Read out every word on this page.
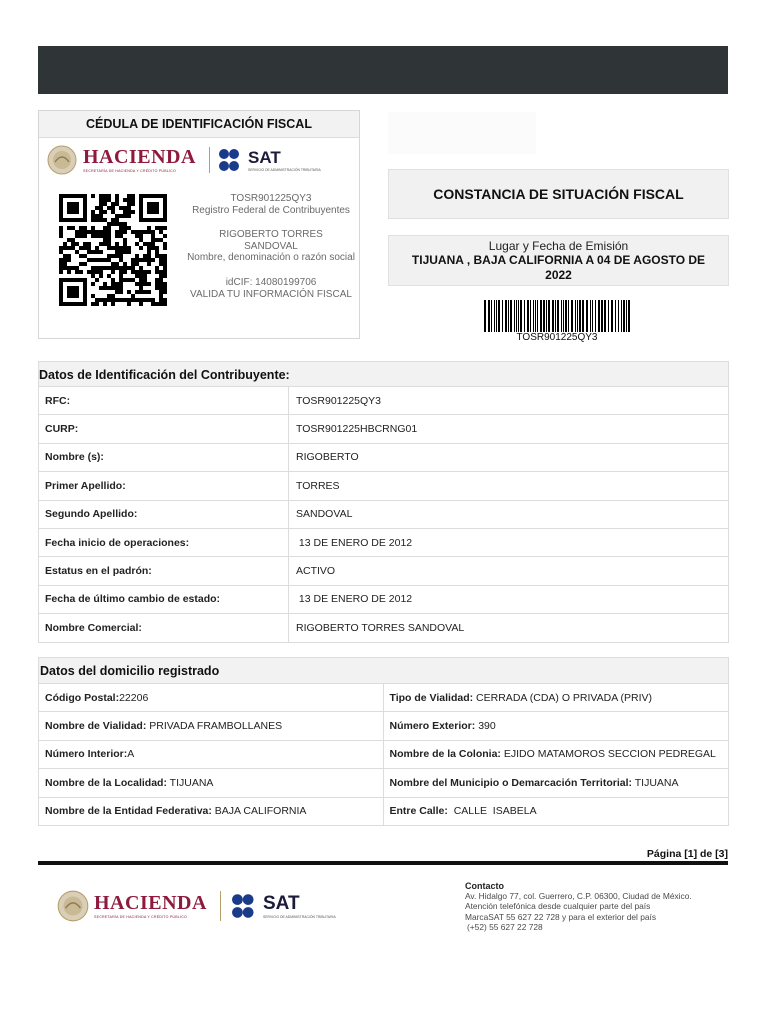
CÉDULA DE IDENTIFICACIÓN FISCAL
HACIENDA
SECRETARÍA DE HACIENDA Y CRÉDITO PÚBLICO
SAT
SERVICIO DE ADMINISTRACIÓN TRIBUTARIA
TOSR901225QY3
Registro Federal de Contribuyentes
RIGOBERTO TORRES
SANDOVAL
Nombre, denominación o razón social
idCIF: 14080199706
VALIDA TU INFORMACIÓN FISCAL
CONSTANCIA DE SITUACIÓN FISCAL
Lugar y Fecha de Emisión
TIJUANA , BAJA CALIFORNIA A 04 DE AGOSTO DE
2022
TOSR901225QY3
Datos de Identificación del Contribuyente:
RFC:	TOSR901225QY3
CURP:	TOSR901225HBCRNG01
Nombre (s):	RIGOBERTO
Primer Apellido:	TORRES
Segundo Apellido:	SANDOVAL
Fecha inicio de operaciones:	13 DE ENERO DE 2012
Estatus en el padrón:	ACTIVO
Fecha de último cambio de estado:	13 DE ENERO DE 2012
Nombre Comercial:	RIGOBERTO TORRES SANDOVAL
Datos del domicilio registrado
Código Postal: 22206	Tipo de Vialidad: CERRADA (CDA) O PRIVADA (PRIV)
Nombre de Vialidad: PRIVADA FRAMBOLLANES	Número Exterior: 390
Número Interior: A	Nombre de la Colonia: EJIDO MATAMOROS SECCION PEDREGAL
Nombre de la Localidad: TIJUANA	Nombre del Municipio o Demarcación Territorial: TIJUANA
Nombre de la Entidad Federativa: BAJA CALIFORNIA	Entre Calle: CALLE  ISABELA
Página [1] de [3]
HACIENDA
SECRETARÍA DE HACIENDA Y CRÉDITO PÚBLICO
SAT
SERVICIO DE ADMINISTRACIÓN TRIBUTARIA
Contacto
Av. Hidalgo 77, col. Guerrero, C.P. 06300, Ciudad de México.
Atención telefónica desde cualquier parte del país
MarcaSAT 55 627 22 728 y para el exterior del país
(+52) 55 627 22 728
